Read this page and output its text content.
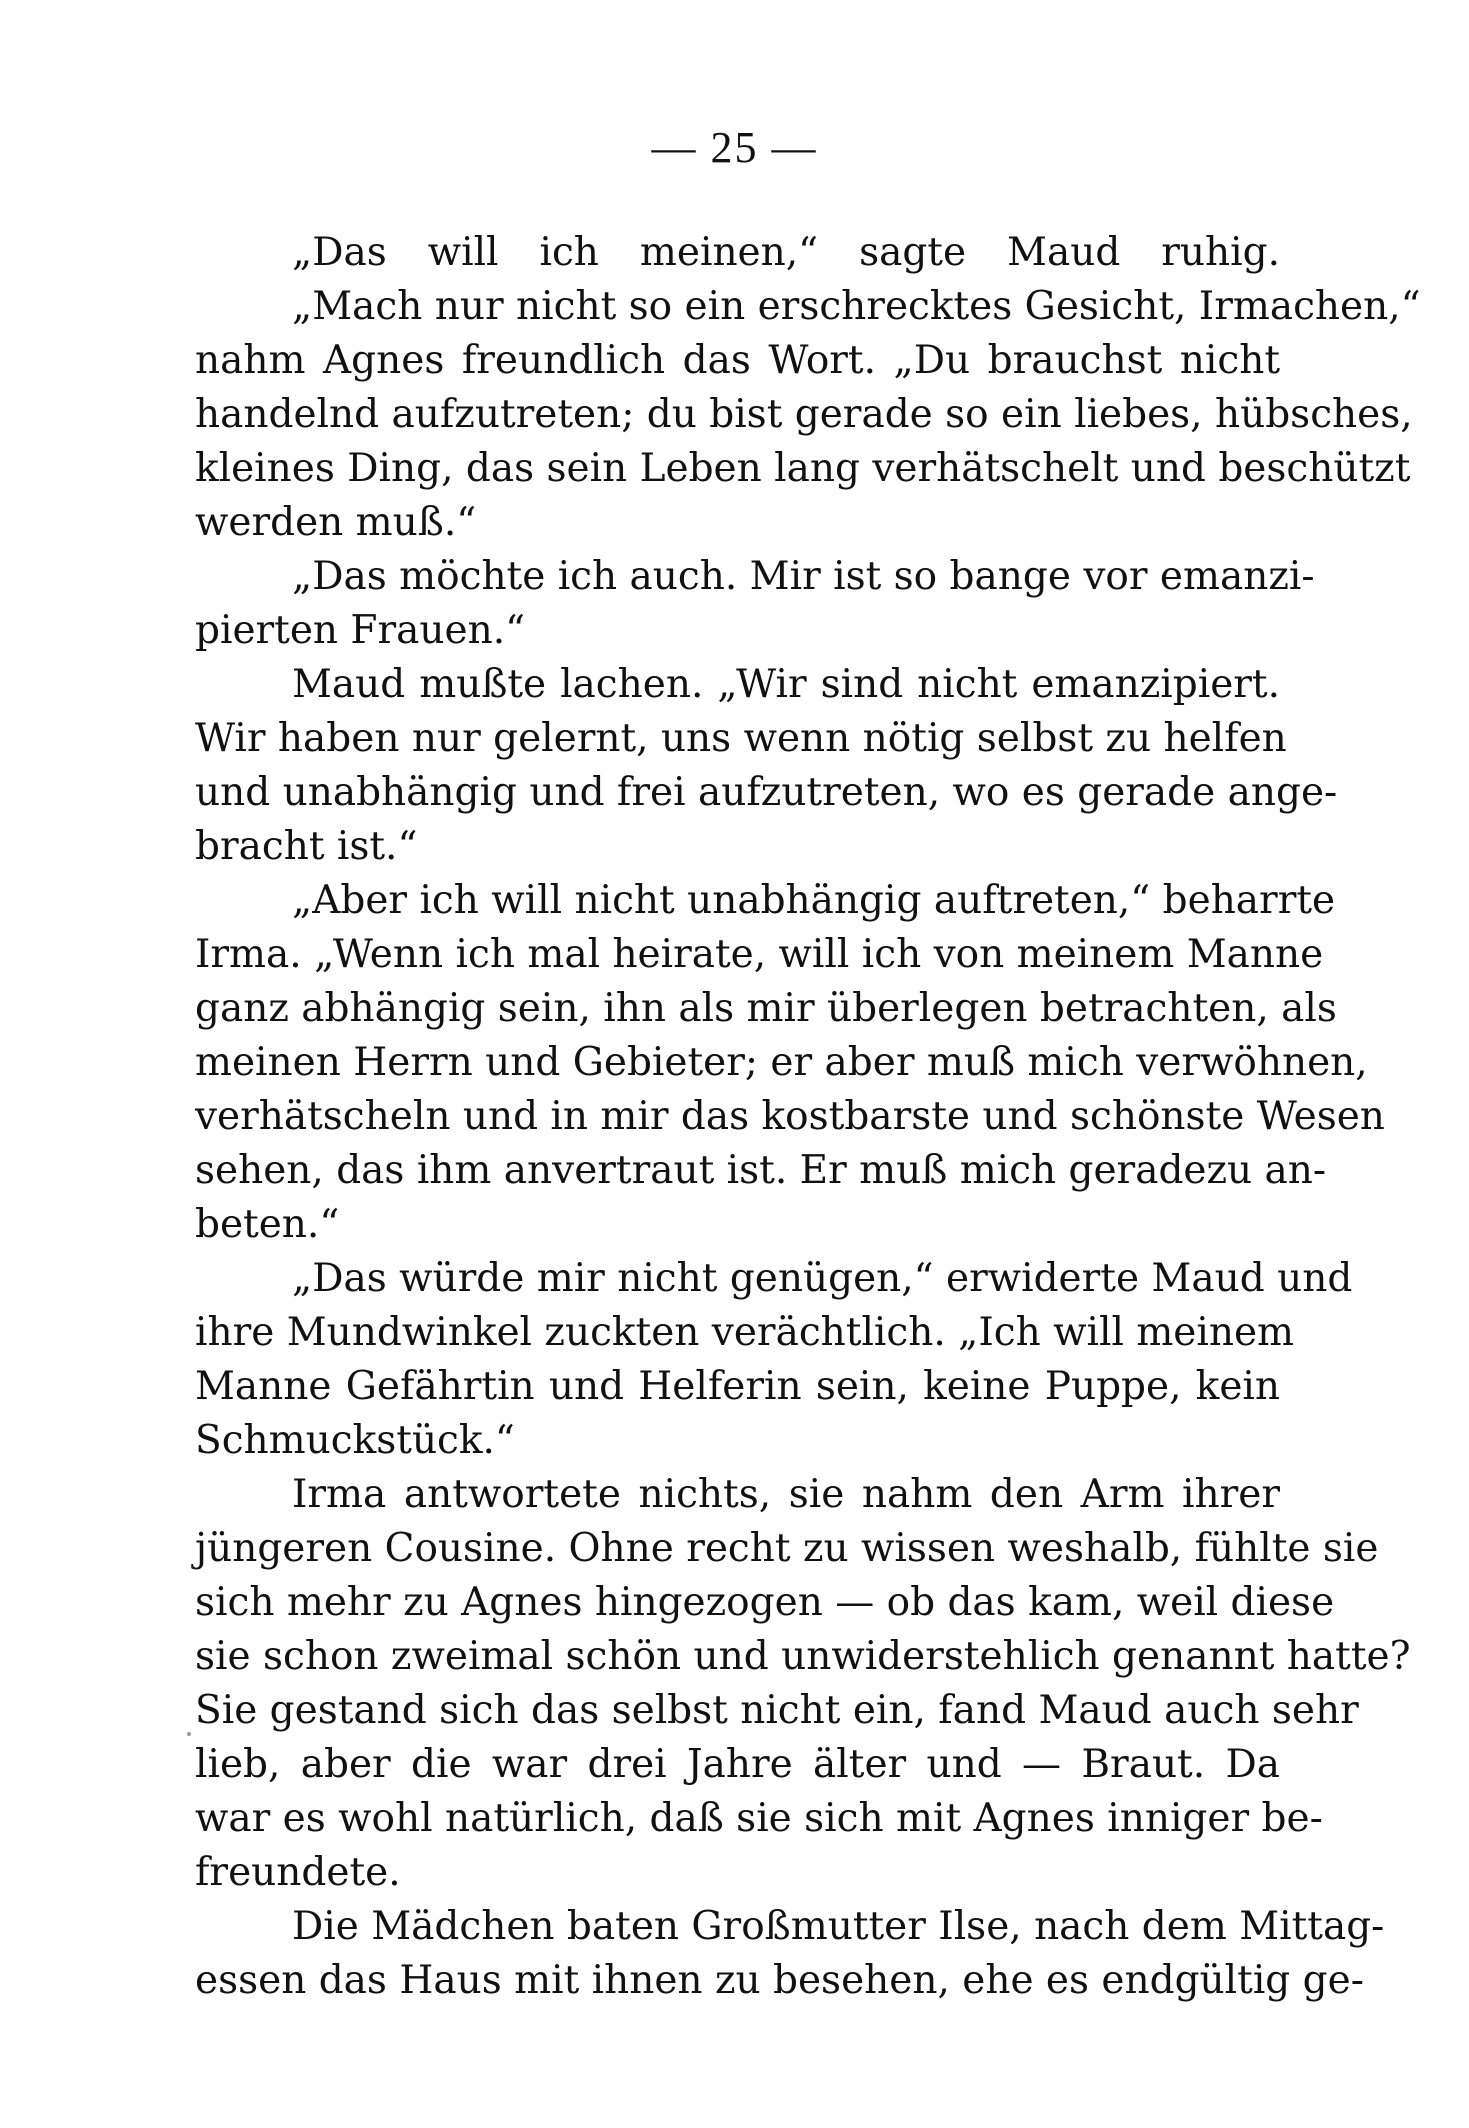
— 25 —
„Das will ich meinen,“ sagte Maud ruhig.
„Mach nur nicht so ein erschrecktes Gesicht, Irmachen,“
nahm Agnes freundlich das Wort. „Du brauchst nicht
handelnd aufzutreten; du bist gerade so ein liebes, hübsches,
kleines Ding, das sein Leben lang verhätschelt und beschützt
werden muß.“
„Das möchte ich auch. Mir ist so bange vor emanzi-
pierten Frauen.“
Maud mußte lachen. „Wir sind nicht emanzipiert.
Wir haben nur gelernt, uns wenn nötig selbst zu helfen
und unabhängig und frei aufzutreten, wo es gerade ange-
bracht ist.“
„Aber ich will nicht unabhängig auftreten,“ beharrte
Irma. „Wenn ich mal heirate, will ich von meinem Manne
ganz abhängig sein, ihn als mir überlegen betrachten, als
meinen Herrn und Gebieter; er aber muß mich verwöhnen,
verhätscheln und in mir das kostbarste und schönste Wesen
sehen, das ihm anvertraut ist. Er muß mich geradezu an-
beten.“
„Das würde mir nicht genügen,“ erwiderte Maud und
ihre Mundwinkel zuckten verächtlich. „Ich will meinem
Manne Gefährtin und Helferin sein, keine Puppe, kein
Schmuckstück.“
Irma antwortete nichts, sie nahm den Arm ihrer
jüngeren Cousine. Ohne recht zu wissen weshalb, fühlte sie
sich mehr zu Agnes hingezogen — ob das kam, weil diese
sie schon zweimal schön und unwiderstehlich genannt hatte?
Sie gestand sich das selbst nicht ein, fand Maud auch sehr
lieb, aber die war drei Jahre älter und — Braut. Da
war es wohl natürlich, daß sie sich mit Agnes inniger be-
freundete.
Die Mädchen baten Großmutter Ilse, nach dem Mittag-
essen das Haus mit ihnen zu besehen, ehe es endgültig ge-
